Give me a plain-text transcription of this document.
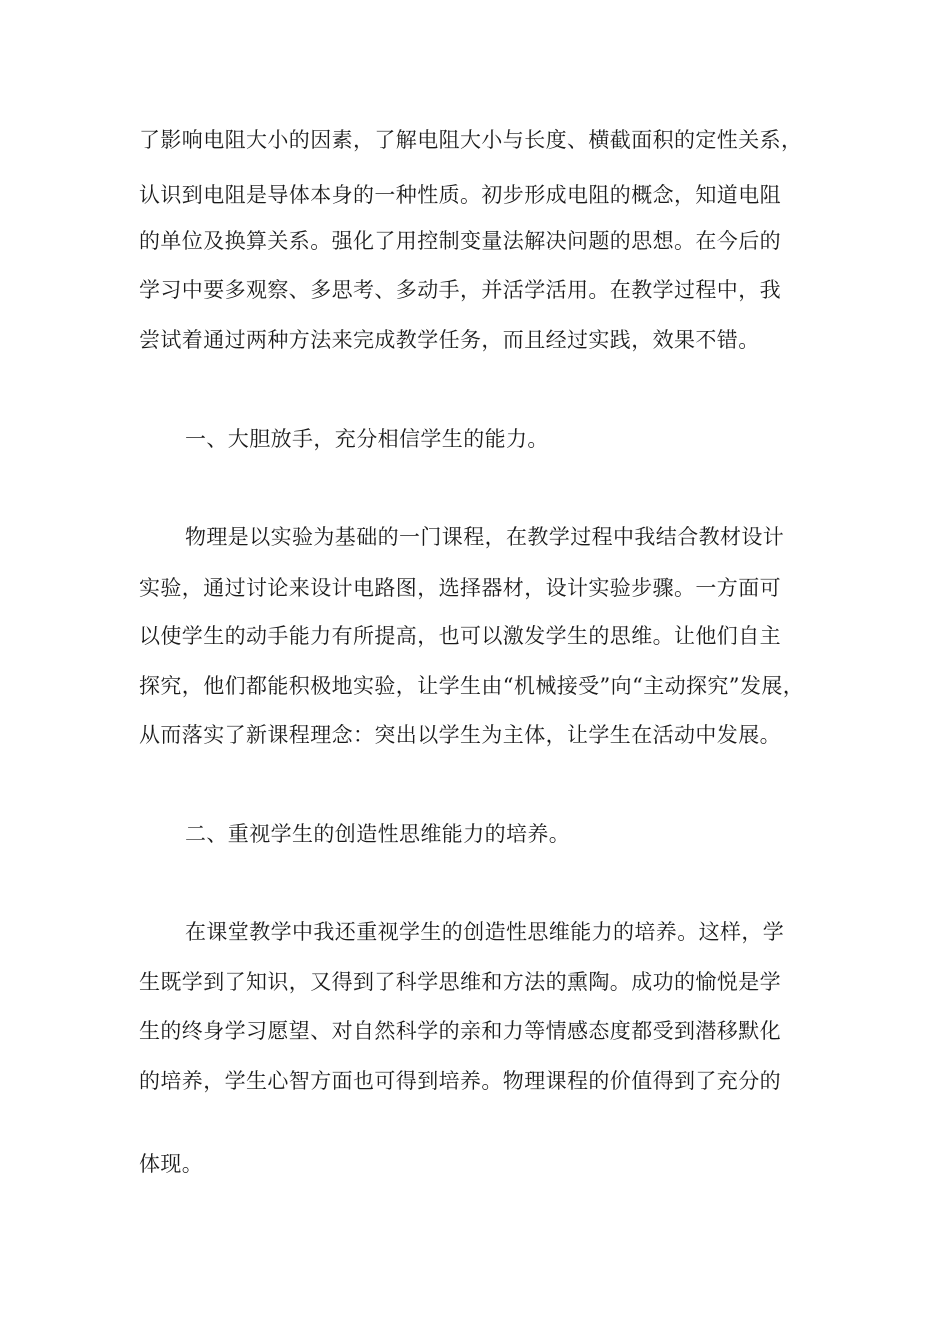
了影响电阻大小的因素，了解电阻大小与长度、横截面积的定性关系，
认识到电阻是导体本身的一种性质。初步形成电阻的概念，知道电阻
的单位及换算关系。强化了用控制变量法解决问题的思想。在今后的
学习中要多观察、多思考、多动手，并活学活用。在教学过程中，我
尝试着通过两种方法来完成教学任务，而且经过实践，效果不错。
一、大胆放手，充分相信学生的能力。
物理是以实验为基础的一门课程，在教学过程中我结合教材设计
实验，通过讨论来设计电路图，选择器材，设计实验步骤。一方面可
以使学生的动手能力有所提高，也可以激发学生的思维。让他们自主
探究，他们都能积极地实验，让学生由“机械接受”向“主动探究”发展，
从而落实了新课程理念：突出以学生为主体，让学生在活动中发展。
二、重视学生的创造性思维能力的培养。
在课堂教学中我还重视学生的创造性思维能力的培养。这样，学
生既学到了知识，又得到了科学思维和方法的熏陶。成功的愉悦是学
生的终身学习愿望、对自然科学的亲和力等情感态度都受到潜移默化
的培养，学生心智方面也可得到培养。物理课程的价值得到了充分的
体现。
